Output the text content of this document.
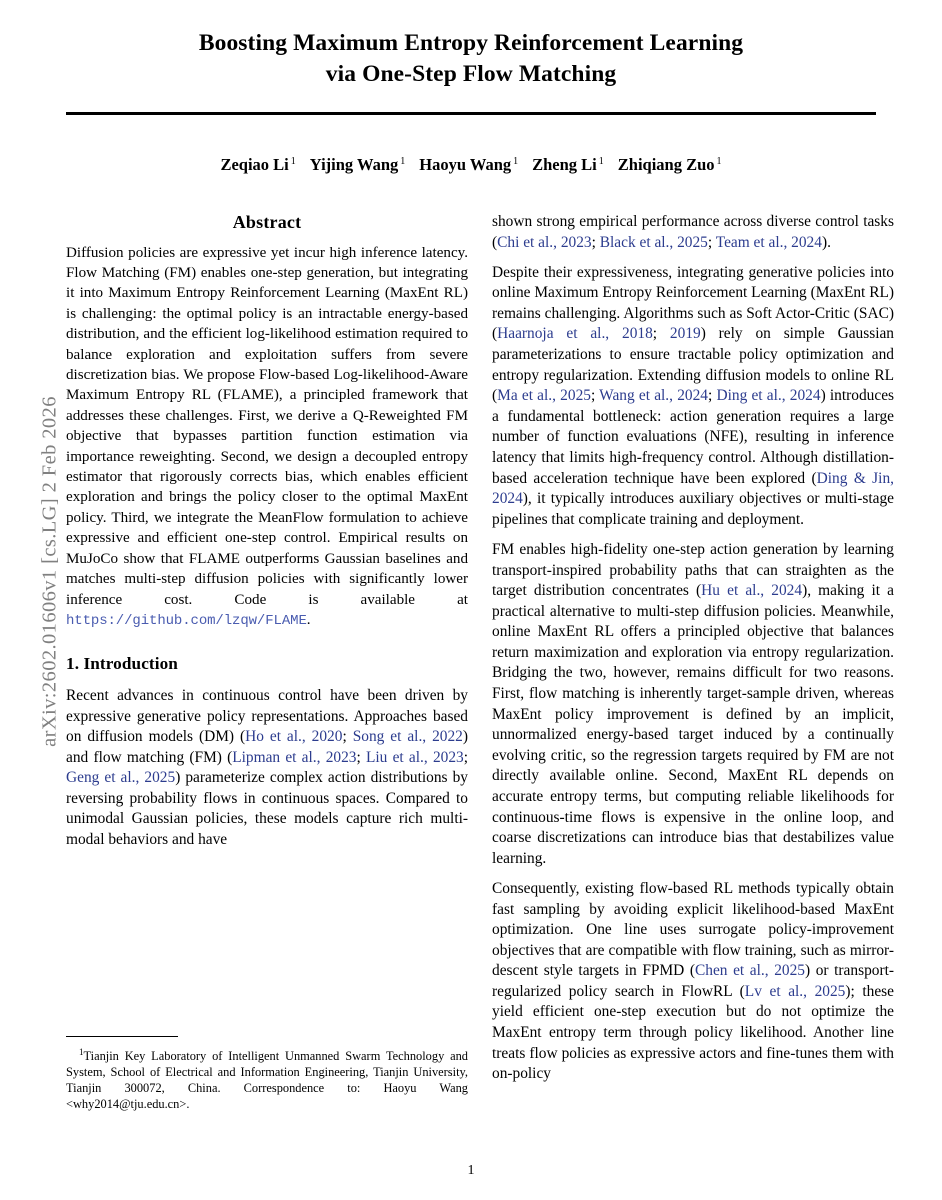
arXiv:2602.01606v1 [cs.LG] 2 Feb 2026
Boosting Maximum Entropy Reinforcement Learning
via One-Step Flow Matching
Zeqiao Li $^1$ Yijing Wang $^1$ Haoyu Wang $^1$ Zheng Li $^1$ Zhiqiang Zuo $^1$
Abstract

Diffusion policies are expressive yet incur high inference latency. Flow Matching (FM) enables one-step generation, but integrating it into Maximum Entropy Reinforcement Learning (MaxEnt RL) is challenging: the optimal policy is an intractable energy-based distribution, and the efficient log-likelihood estimation required to balance exploration and exploitation suffers from severe discretization bias. We propose Flow-based Log-likelihood-Aware Maximum Entropy RL (FLAME), a principled framework that addresses these challenges. First, we derive a Q-Reweighted FM objective that bypasses partition function estimation via importance reweighting. Second, we design a decoupled entropy estimator that rigorously corrects bias, which enables efficient exploration and brings the policy closer to the optimal MaxEnt policy. Third, we integrate the MeanFlow formulation to achieve expressive and efficient one-step control. Empirical results on MuJoCo show that FLAME outperforms Gaussian baselines and matches multi-step diffusion policies with significantly lower inference cost. Code is available at https://github.com/lzqw/FLAME.

1. Introduction

Recent advances in continuous control have been driven by expressive generative policy representations. Approaches based on diffusion models (DM) (Ho et al., 2020; Song et al., 2022) and flow matching (FM) (Lipman et al., 2023; Liu et al., 2023; Geng et al., 2025) parameterize complex action distributions by reversing probability flows in continuous spaces. Compared to unimodal Gaussian policies, these models capture rich multi-modal behaviors and have

shown strong empirical performance across diverse control tasks (Chi et al., 2023; Black et al., 2025; Team et al., 2024).

Despite their expressiveness, integrating generative policies into online Maximum Entropy Reinforcement Learning (MaxEnt RL) remains challenging. Algorithms such as Soft Actor-Critic (SAC) (Haarnoja et al., 2018; 2019) rely on simple Gaussian parameterizations to ensure tractable policy optimization and entropy regularization. Extending diffusion models to online RL (Ma et al., 2025; Wang et al., 2024; Ding et al., 2024) introduces a fundamental bottleneck: action generation requires a large number of function evaluations (NFE), resulting in inference latency that limits high-frequency control. Although distillation-based acceleration technique have been explored (Ding & Jin, 2024), it typically introduces auxiliary objectives or multi-stage pipelines that complicate training and deployment.

FM enables high-fidelity one-step action generation by learning transport-inspired probability paths that can straighten as the target distribution concentrates (Hu et al., 2024), making it a practical alternative to multi-step diffusion policies. Meanwhile, online MaxEnt RL offers a principled objective that balances return maximization and exploration via entropy regularization. Bridging the two, however, remains difficult for two reasons. First, flow matching is inherently target-sample driven, whereas MaxEnt policy improvement is defined by an implicit, unnormalized energy-based target induced by a continually evolving critic, so the regression targets required by FM are not directly available online. Second, MaxEnt RL depends on accurate entropy terms, but computing reliable likelihoods for continuous-time flows is expensive in the online loop, and coarse discretizations can introduce bias that destabilizes value learning.

Consequently, existing flow-based RL methods typically obtain fast sampling by avoiding explicit likelihood-based MaxEnt optimization. One line uses surrogate policy-improvement objectives that are compatible with flow training, such as mirror-descent style targets in FPMD (Chen et al., 2025) or transport-regularized policy search in FlowRL (Lv et al., 2025); these yield efficient one-step execution but do not optimize the MaxEnt entropy term through policy likelihood. Another line treats flow policies as expressive actors and fine-tunes them with on-policy

$^1$Tianjin Key Laboratory of Intelligent Unmanned Swarm Technology and System, School of Electrical and Information Engineering, Tianjin University, Tianjin 300072, China. Correspondence to: Haoyu Wang <why2014@tju.edu.cn>.

1
